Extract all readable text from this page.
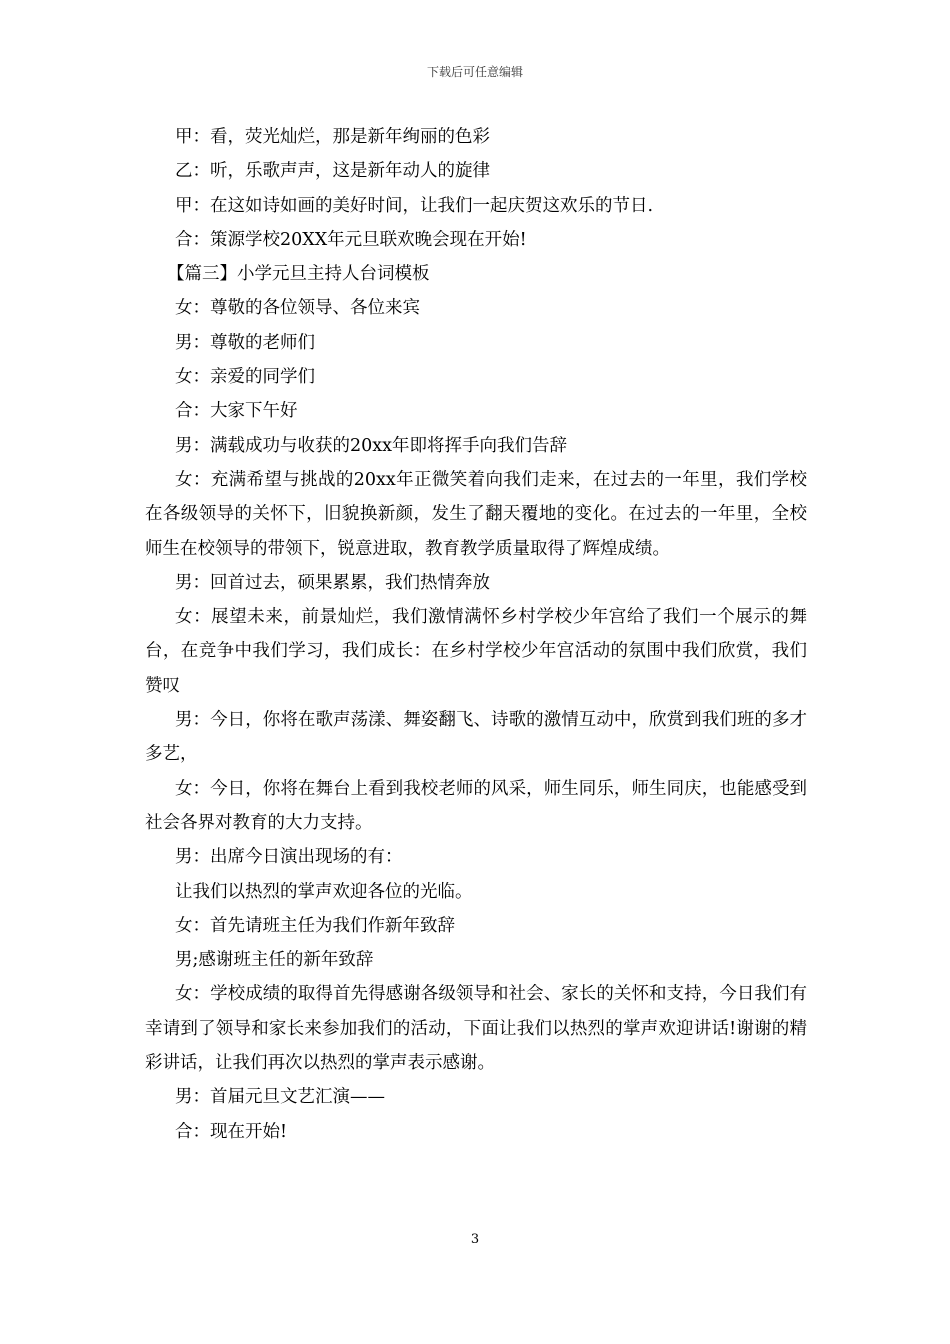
下载后可任意编辑

甲：看，荧光灿烂，那是新年绚丽的色彩

乙：听，乐歌声声，这是新年动人的旋律

甲：在这如诗如画的美好时间，让我们一起庆贺这欢乐的节日.

合：策源学校20XX年元旦联欢晚会现在开始!

【篇三】小学元旦主持人台词模板

女：尊敬的各位领导、各位来宾

男：尊敬的老师们

女：亲爱的同学们

合：大家下午好

男：满载成功与收获的20xx年即将挥手向我们告辞

女：充满希望与挑战的20xx年正微笑着向我们走来，在过去的一年里，我们学校在各级领导的关怀下，旧貌换新颜，发生了翻天覆地的变化。在过去的一年里，全校师生在校领导的带领下，锐意进取，教育教学质量取得了辉煌成绩。

男：回首过去，硕果累累，我们热情奔放

女：展望未来，前景灿烂，我们激情满怀乡村学校少年宫给了我们一个展示的舞台，在竞争中我们学习，我们成长：在乡村学校少年宫活动的氛围中我们欣赏，我们赞叹

男：今日，你将在歌声荡漾、舞姿翻飞、诗歌的激情互动中，欣赏到我们班的多才多艺，

女：今日，你将在舞台上看到我校老师的风采，师生同乐，师生同庆，也能感受到社会各界对教育的大力支持。

男：出席今日演出现场的有：

让我们以热烈的掌声欢迎各位的光临。

女：首先请班主任为我们作新年致辞

男;感谢班主任的新年致辞

女：学校成绩的取得首先得感谢各级领导和社会、家长的关怀和支持，今日我们有幸请到了领导和家长来参加我们的活动，下面让我们以热烈的掌声欢迎讲话!谢谢的精彩讲话，让我们再次以热烈的掌声表示感谢。

男：首届元旦文艺汇演——

合：现在开始!

3
